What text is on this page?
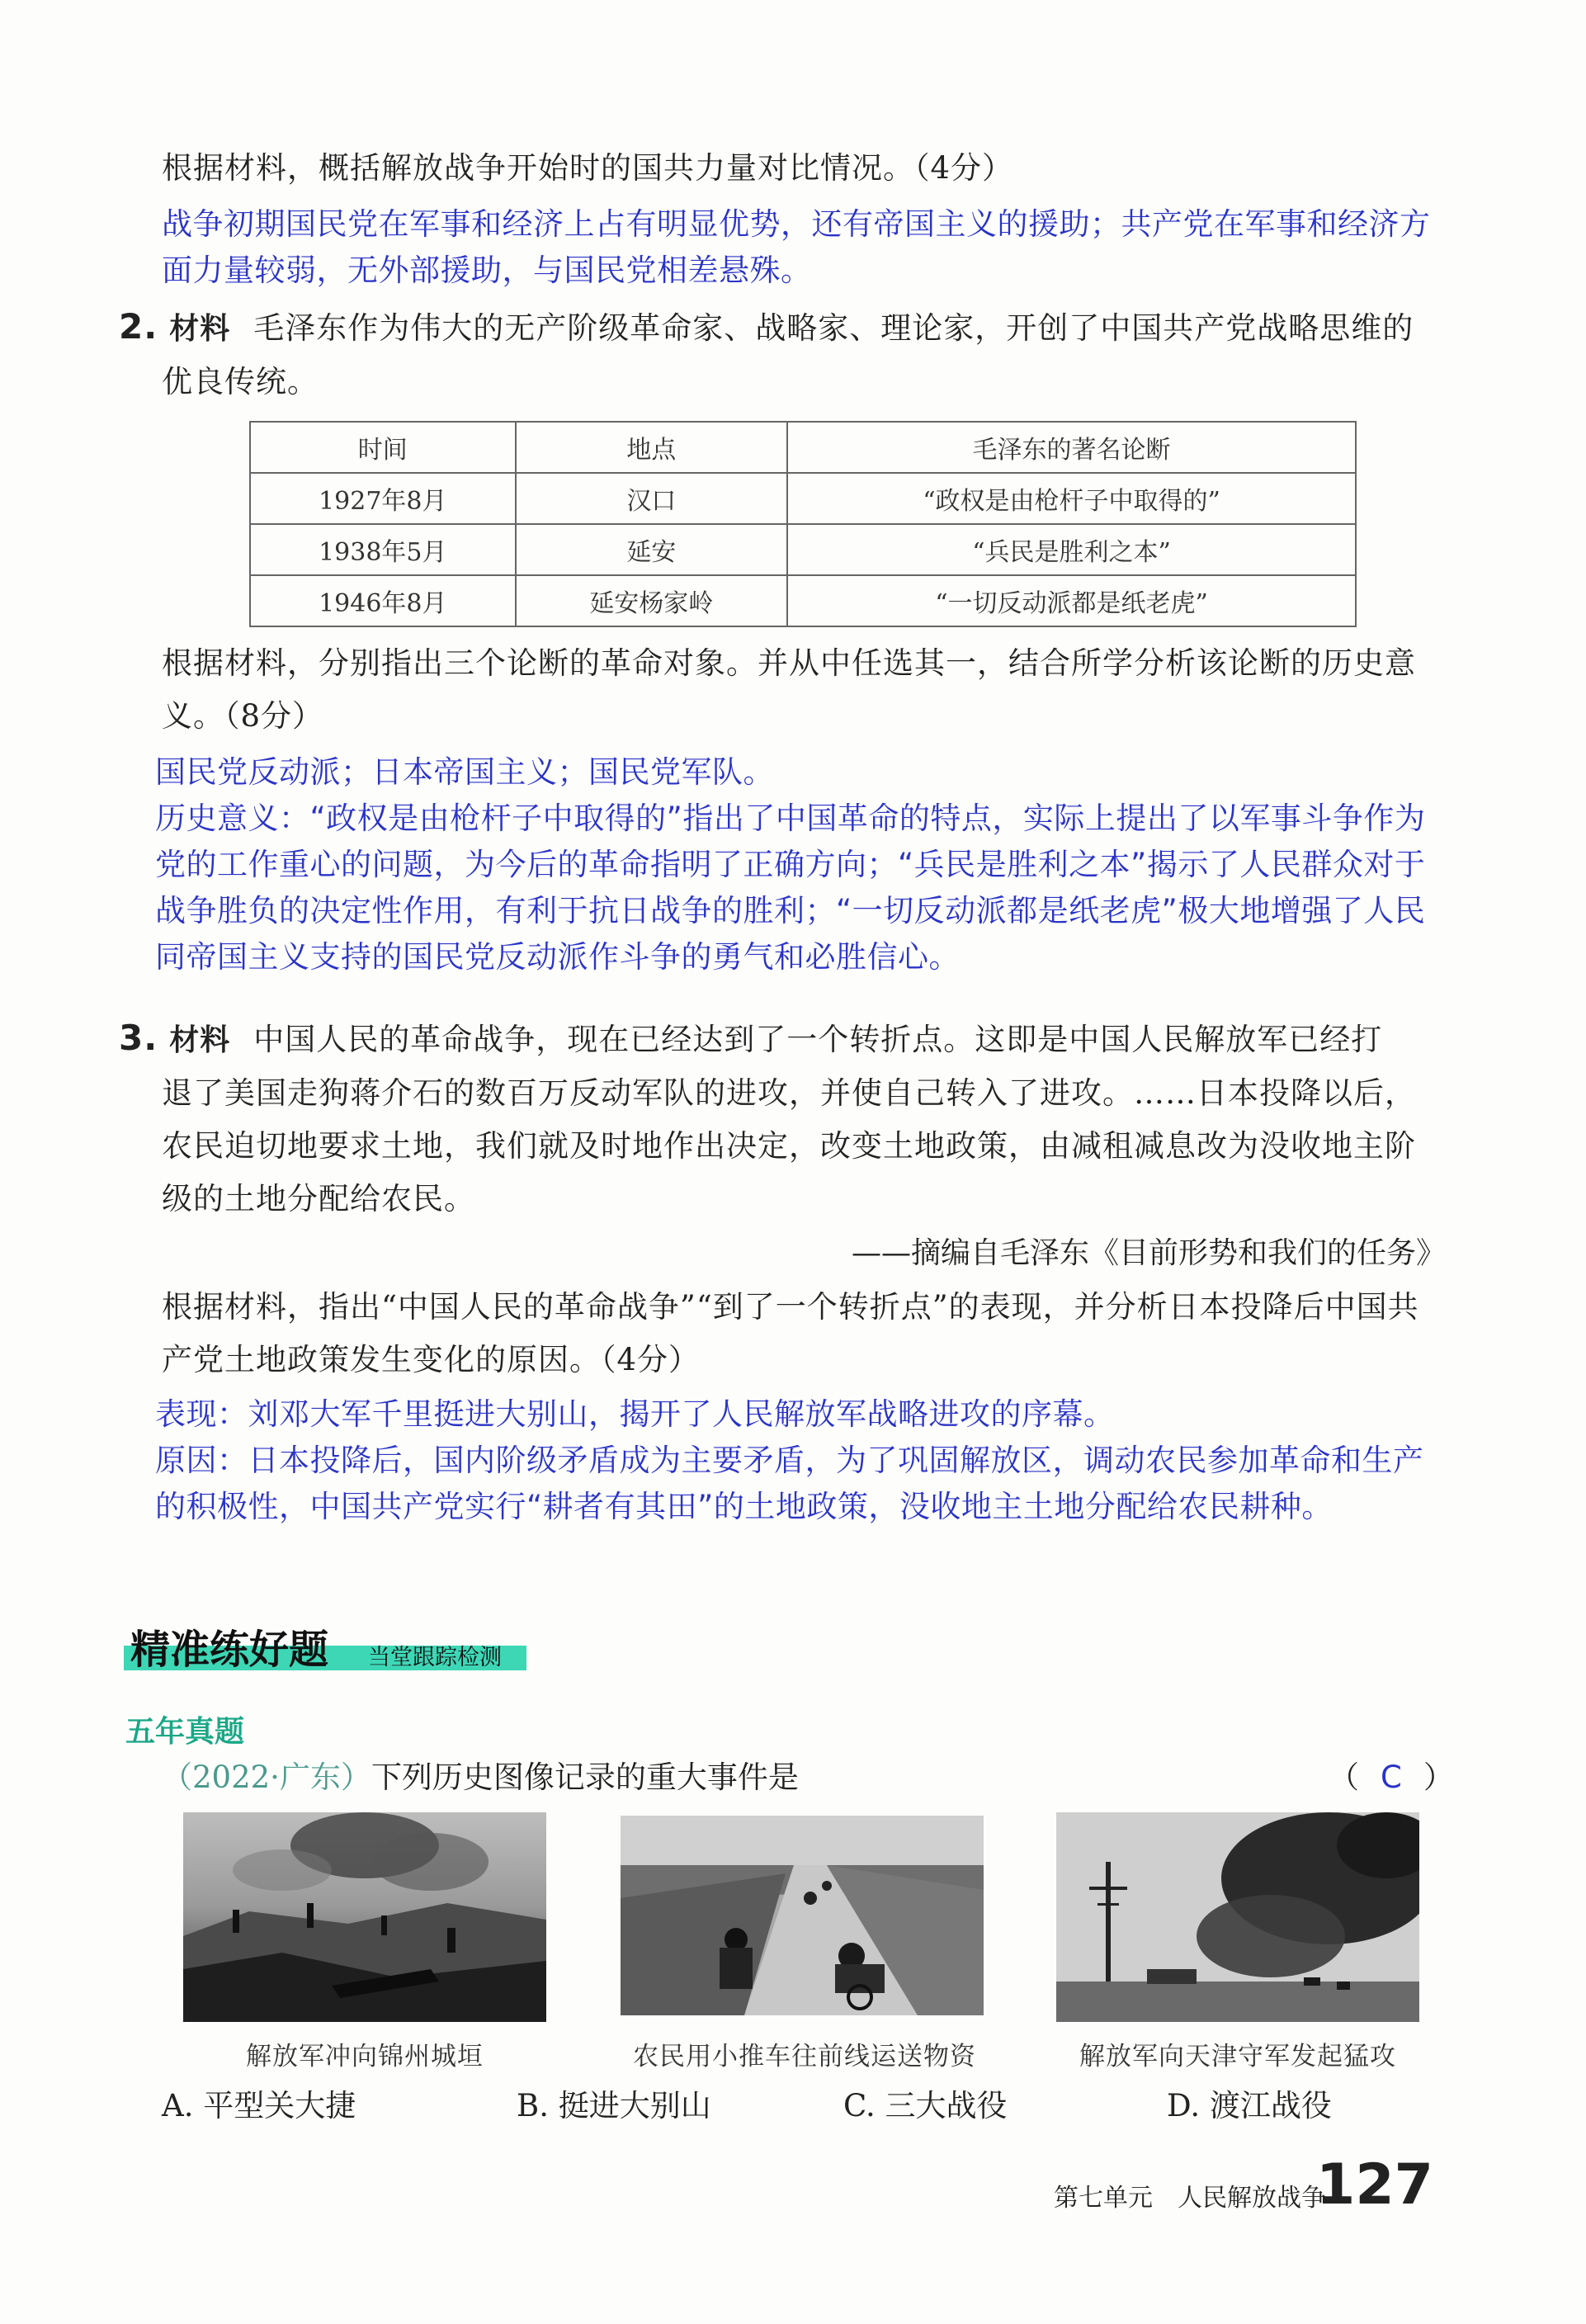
根据材料，概括解放战争开始时的国共力量对比情况。（4分）
战争初期国民党在军事和经济上占有明显优势，还有帝国主义的援助；共产党在军事和经济方
面力量较弱，无外部援助，与国民党相差悬殊。
2. 材料 毛泽东作为伟大的无产阶级革命家、战略家、理论家，开创了中国共产党战略思维的
优良传统。
时间	地点	毛泽东的著名论断
1927年8月	汉口	“政权是由枪杆子中取得的”
1938年5月	延安	“兵民是胜利之本”
1946年8月	延安杨家岭	“一切反动派都是纸老虎”
根据材料，分别指出三个论断的革命对象。并从中任选其一，结合所学分析该论断的历史意
义。（8分）
国民党反动派；日本帝国主义；国民党军队。
历史意义：“政权是由枪杆子中取得的”指出了中国革命的特点，实际上提出了以军事斗争作为
党的工作重心的问题，为今后的革命指明了正确方向；“兵民是胜利之本”揭示了人民群众对于
战争胜负的决定性作用，有利于抗日战争的胜利；“一切反动派都是纸老虎”极大地增强了人民
同帝国主义支持的国民党反动派作斗争的勇气和必胜信心。
3. 材料 中国人民的革命战争，现在已经达到了一个转折点。这即是中国人民解放军已经打
退了美国走狗蒋介石的数百万反动军队的进攻，并使自己转入了进攻。……日本投降以后，
农民迫切地要求土地，我们就及时地作出决定，改变土地政策，由减租减息改为没收地主阶
级的土地分配给农民。
——摘编自毛泽东《目前形势和我们的任务》
根据材料，指出“中国人民的革命战争”“到了一个转折点”的表现，并分析日本投降后中国共
产党土地政策发生变化的原因。（4分）
表现：刘邓大军千里挺进大别山，揭开了人民解放军战略进攻的序幕。
原因：日本投降后，国内阶级矛盾成为主要矛盾，为了巩固解放区，调动农民参加革命和生产
的积极性，中国共产党实行“耕者有其田”的土地政策，没收地主土地分配给农民耕种。
精准练好题 当堂跟踪检测
五年真题
（2022·广东）下列历史图像记录的重大事件是	（ C ）
解放军冲向锦州城垣	农民用小推车往前线运送物资	解放军向天津守军发起猛攻
A. 平型关大捷	B. 挺进大别山	C. 三大战役	D. 渡江战役
第七单元　人民解放战争
127
